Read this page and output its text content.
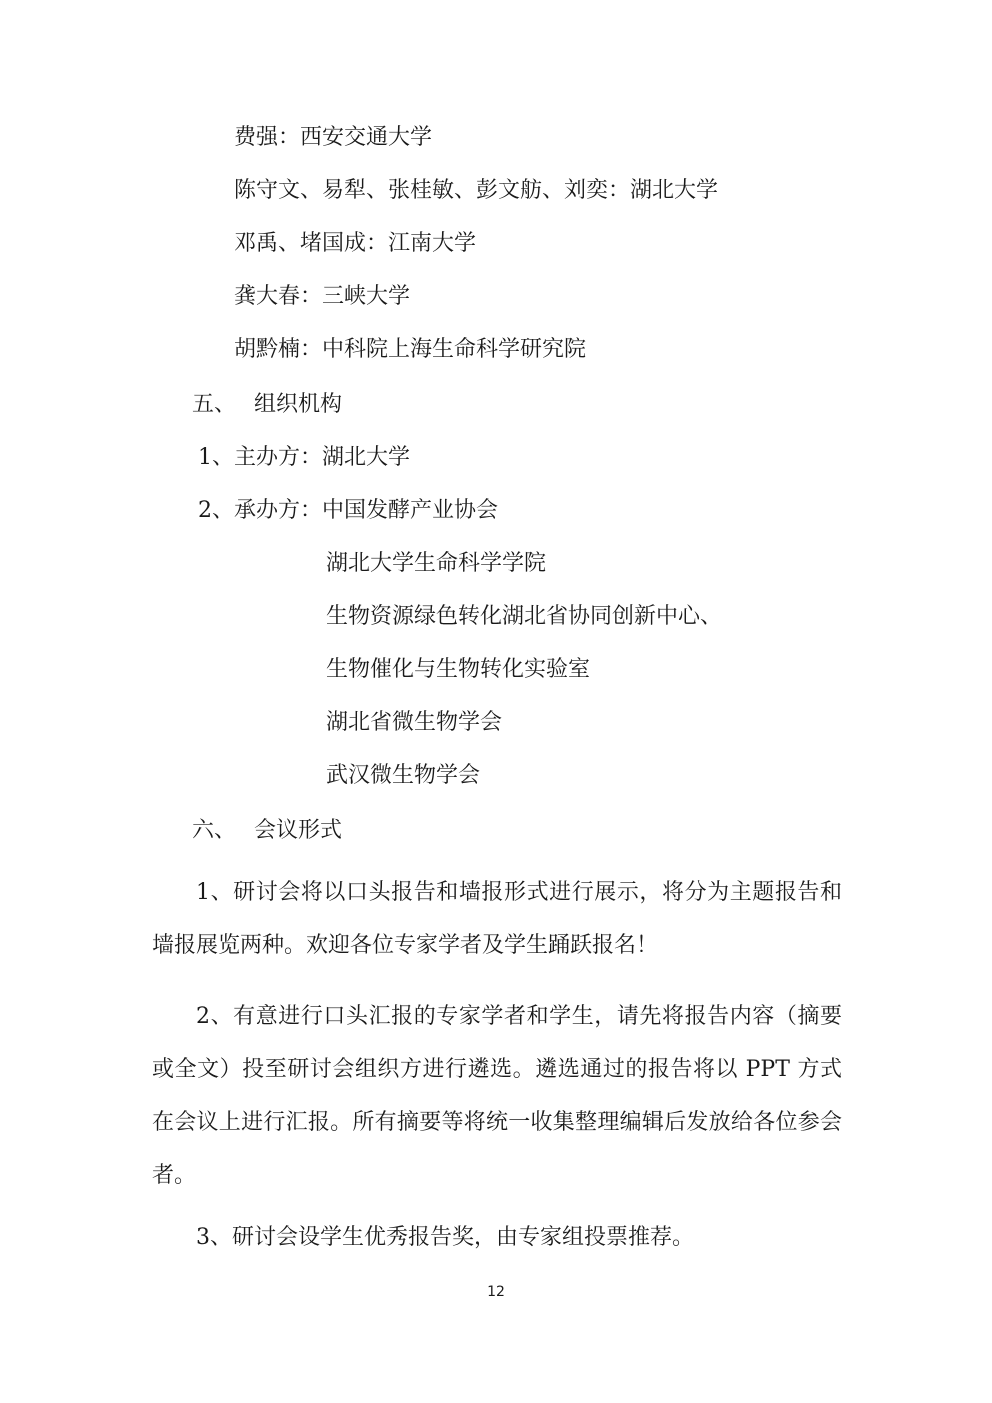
费强：西安交通大学
陈守文、易犁、张桂敏、彭文舫、刘奕：湖北大学
邓禹、堵国成：江南大学
龚大春：三峡大学
胡黔楠：中科院上海生命科学研究院
五、 组织机构
1、主办方：湖北大学
2、承办方：中国发酵产业协会
湖北大学生命科学学院
生物资源绿色转化湖北省协同创新中心、
生物催化与生物转化实验室
湖北省微生物学会
武汉微生物学会
六、 会议形式
1、研讨会将以口头报告和墙报形式进行展示，将分为主题报告和墙报展览两种。欢迎各位专家学者及学生踊跃报名！
2、有意进行口头汇报的专家学者和学生，请先将报告内容（摘要或全文）投至研讨会组织方进行遴选。遴选通过的报告将以 PPT 方式在会议上进行汇报。所有摘要等将统一收集整理编辑后发放给各位参会者。
3、研讨会设学生优秀报告奖，由专家组投票推荐。
12
